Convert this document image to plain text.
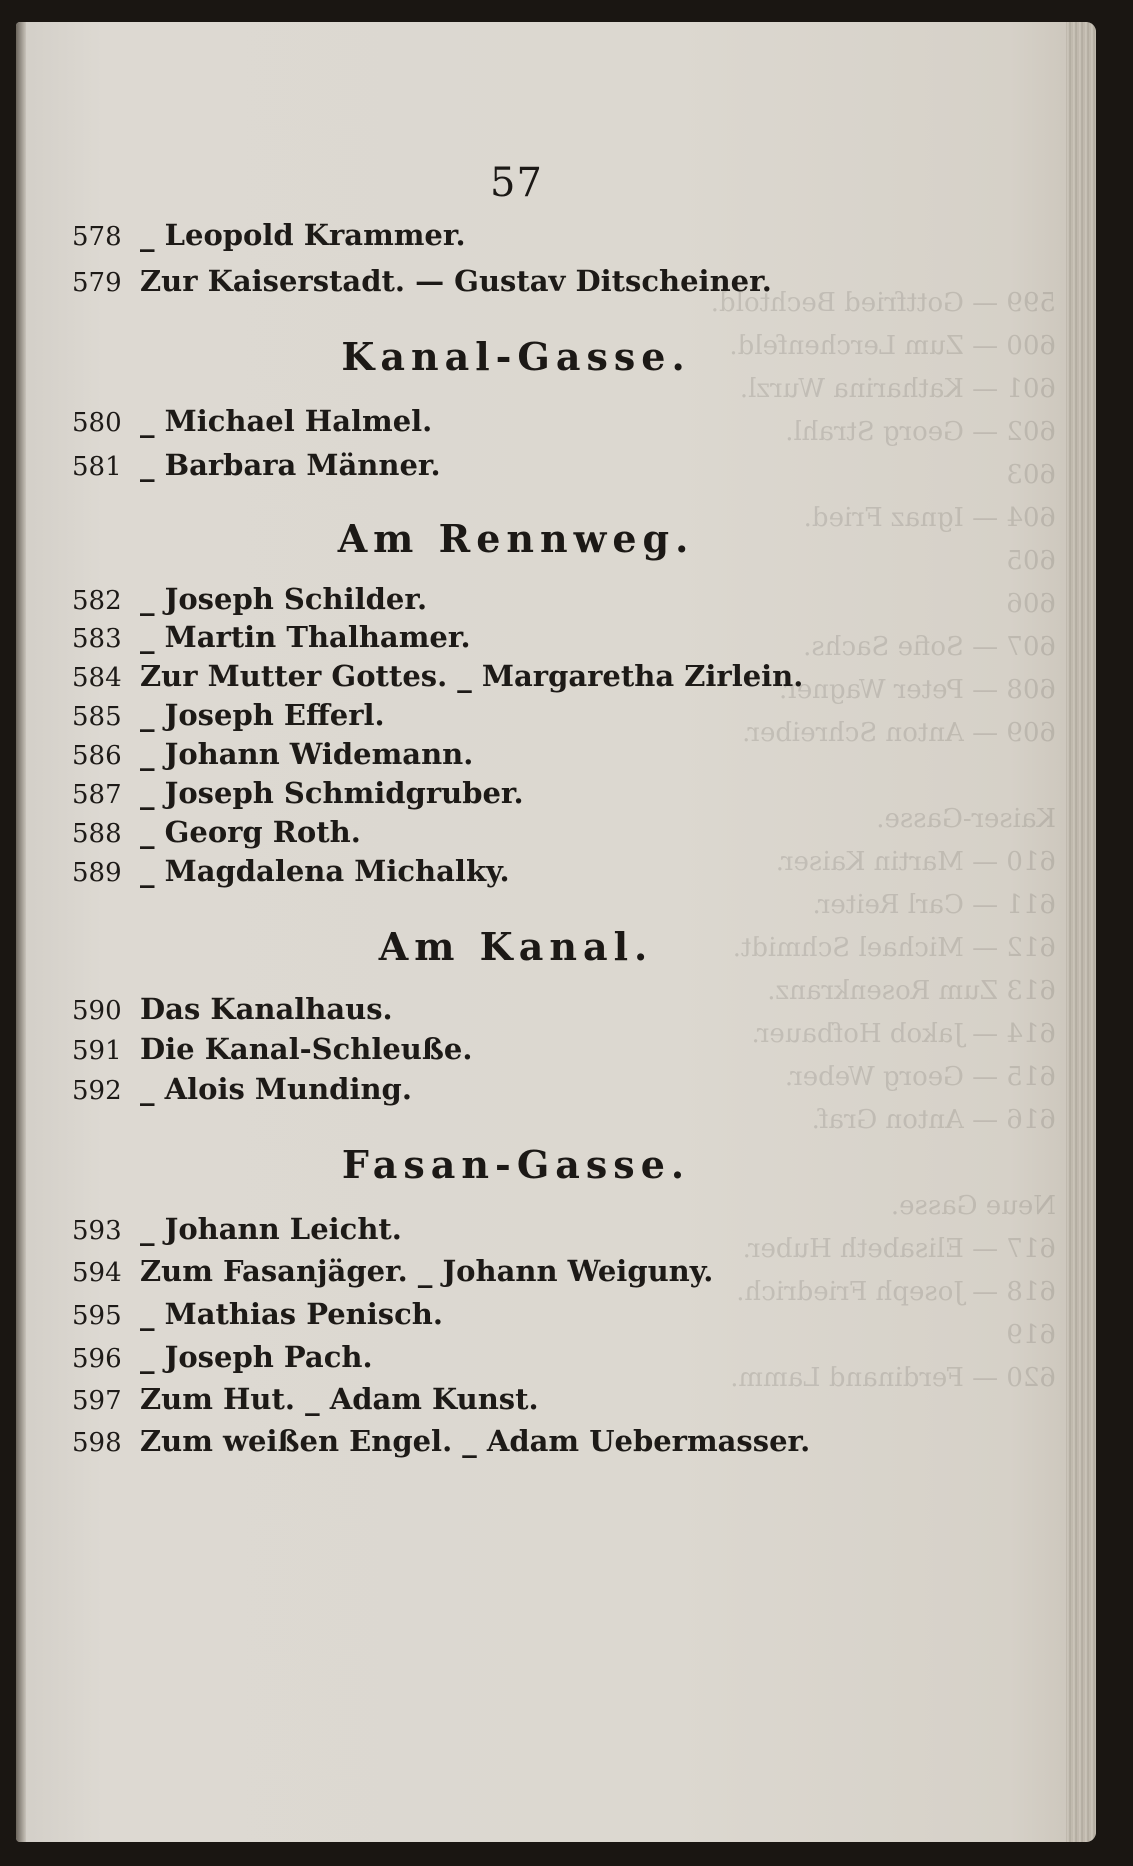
599 — Gottfried Bechtold.
600 — Zum Lerchenfeld.
601 — Katharina Wurzl.
602 — Georg Strahl.
603
604 — Ignaz Fried.
605
606
607 — Sofie Sachs.
608 — Peter Wagner.
609 — Anton Schreiber.

Kaiser-Gasse.
610 — Martin Kaiser.
611 — Carl Reiter.
612 — Michael Schmidt.
613 Zum Rosenkranz.
614 — Jakob Hofbauer.
615 — Georg Weber.
616 — Anton Graf.

Neue Gasse.
617 — Elisabeth Huber.
618 — Joseph Friedrich.
619
620 — Ferdinand Lamm.
57
578 _ Leopold Krammer.
579 Zur Kaiserstadt. — Gustav Ditscheiner.
Kanal-Gasse.
580 _ Michael Halmel.
581 _ Barbara Männer.
Am Rennweg.
582 _ Joseph Schilder.
583 _ Martin Thalhamer.
584 Zur Mutter Gottes. _ Margaretha Zirlein.
585 _ Joseph Efferl.
586 _ Johann Widemann.
587 _ Joseph Schmidgruber.
588 _ Georg Roth.
589 _ Magdalena Michalky.
Am Kanal.
590 Das Kanalhaus.
591 Die Kanal-Schleuße.
592 _ Alois Munding.
Fasan-Gasse.
593 _ Johann Leicht.
594 Zum Fasanjäger. _ Johann Weiguny.
595 _ Mathias Penisch.
596 _ Joseph Pach.
597 Zum Hut. _ Adam Kunst.
598 Zum weißen Engel. _ Adam Uebermasser.
